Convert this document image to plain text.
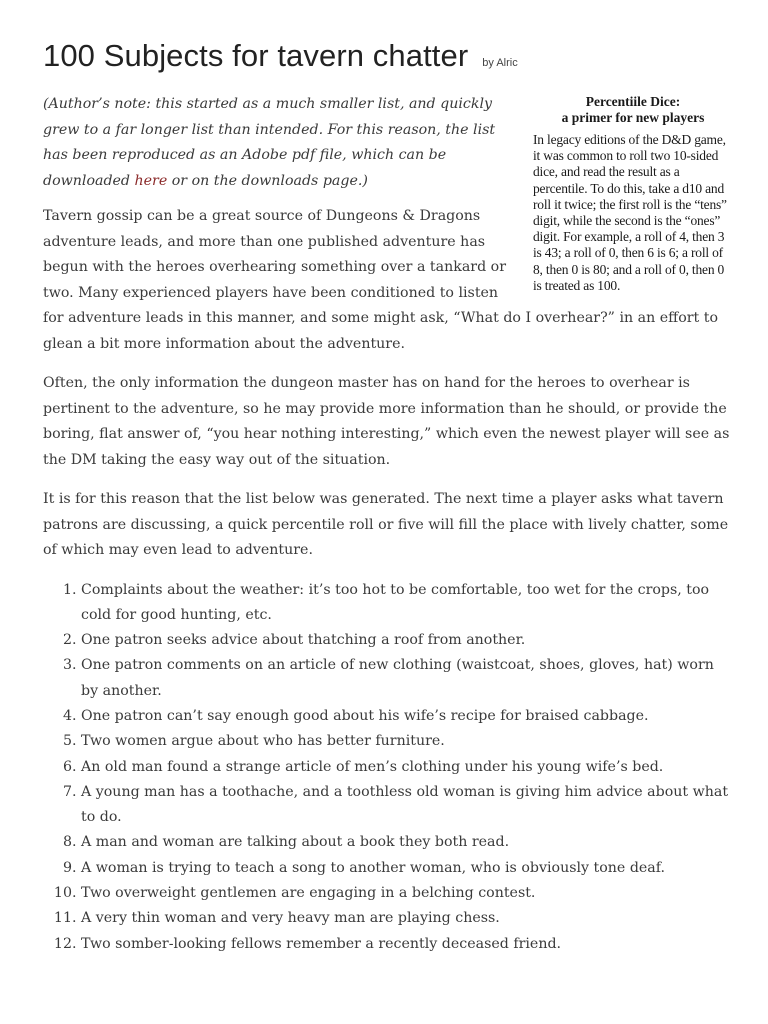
100 Subjects for tavern chatter by Alric
Percentiile Dice:
a primer for new players

In legacy editions of the D&D game, it was common to roll two 10-sided dice, and read the result as a percentile. To do this, take a d10 and roll it twice; the first roll is the “tens” digit, while the second is the “ones” digit. For example, a roll of 4, then 3 is 43; a roll of 0, then 6 is 6; a roll of 8, then 0 is 80; and a roll of 0, then 0 is treated as 100.

(Author’s note: this started as a much smaller list, and quickly grew to a far longer list than intended. For this reason, the list has been reproduced as an Adobe pdf file, which can be downloaded here or on the downloads page.)

Tavern gossip can be a great source of Dungeons & Dragons adventure leads, and more than one published adventure has begun with the heroes overhearing something over a tankard or two. Many experienced players have been conditioned to listen for adventure leads in this manner, and some might ask, “What do I overhear?” in an effort to glean a bit more information about the adventure.

Often, the only information the dungeon master has on hand for the heroes to overhear is pertinent to the adventure, so he may provide more information than he should, or provide the boring, flat answer of, “you hear nothing interesting,” which even the newest player will see as the DM taking the easy way out of the situation.

It is for this reason that the list below was generated. The next time a player asks what tavern patrons are discussing, a quick percentile roll or five will fill the place with lively chatter, some of which may even lead to adventure.

1. Complaints about the weather: it’s too hot to be comfortable, too wet for the crops, too cold for good hunting, etc.
2. One patron seeks advice about thatching a roof from another.
3. One patron comments on an article of new clothing (waistcoat, shoes, gloves, hat) worn by another.
4. One patron can’t say enough good about his wife’s recipe for braised cabbage.
5. Two women argue about who has better furniture.
6. An old man found a strange article of men’s clothing under his young wife’s bed.
7. A young man has a toothache, and a toothless old woman is giving him advice about what to do.
8. A man and woman are talking about a book they both read.
9. A woman is trying to teach a song to another woman, who is obviously tone deaf.
10. Two overweight gentlemen are engaging in a belching contest.
11. A very thin woman and very heavy man are playing chess.
12. Two somber-looking fellows remember a recently deceased friend.
